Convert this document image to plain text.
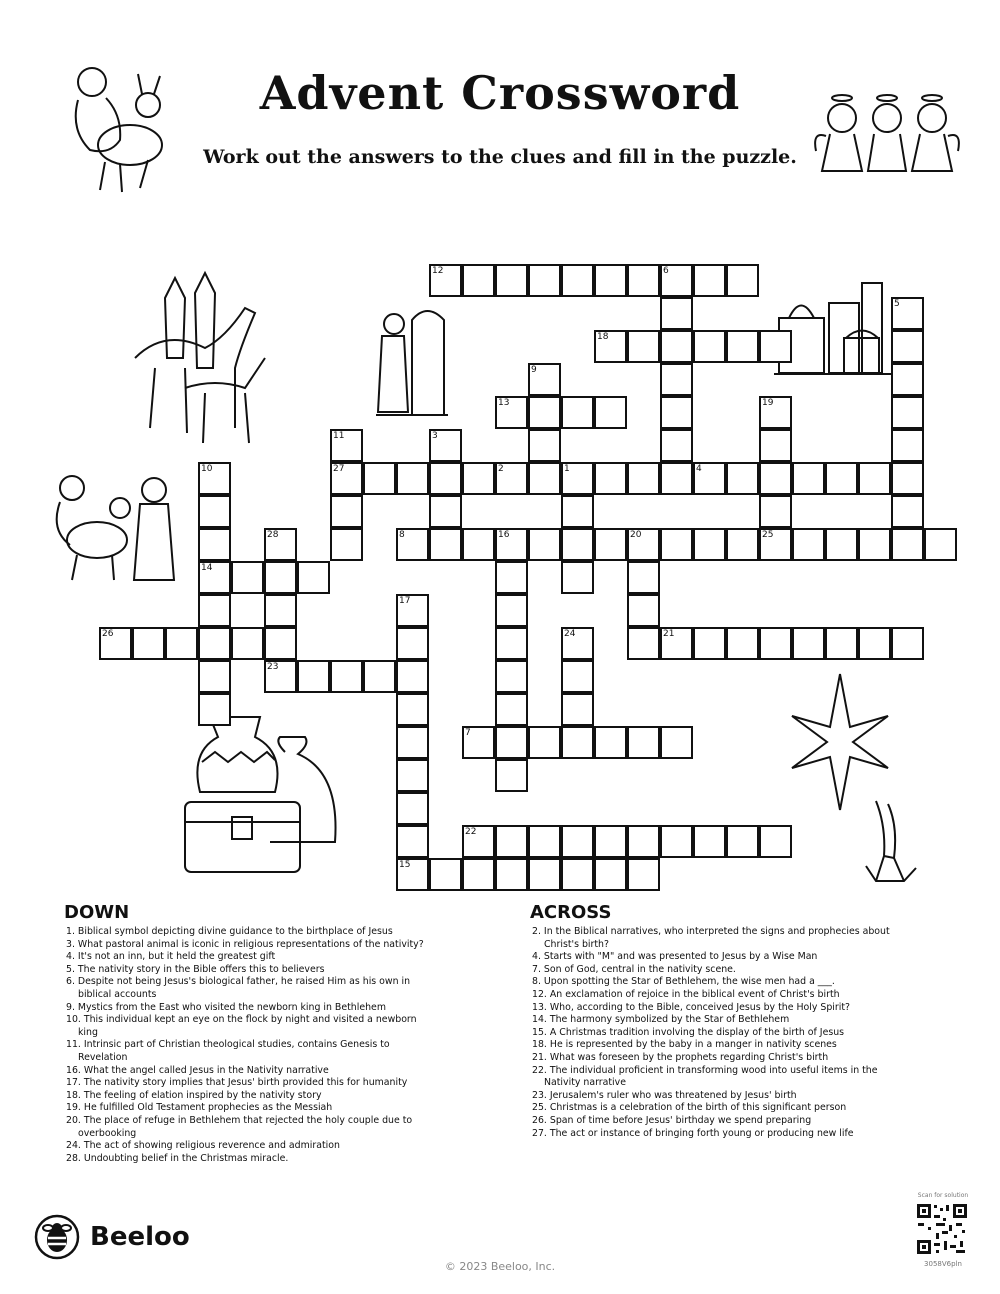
Advent Crossword
Work out the answers to the clues and fill in the puzzle.
12
18
13
27	2	4
8	25
14
26	21
23
7
22
15
6
5
9
19
11	3
10	1
28	16	20
17
24
DOWN	ACROSS
1. Biblical symbol depicting divine guidance to the birthplace of Jesus
3. What pastoral animal is iconic in religious representations of the nativity?
4. It's not an inn, but it held the greatest gift
5. The nativity story in the Bible offers this to believers
6. Despite not being Jesus's biological father, he raised Him as his own in biblical accounts
9. Mystics from the East who visited the newborn king in Bethlehem
10. This individual kept an eye on the flock by night and visited a newborn king
11. Intrinsic part of Christian theological studies, contains Genesis to Revelation
16. What the angel called Jesus in the Nativity narrative
17. The nativity story implies that Jesus' birth provided this for humanity
18. The feeling of elation inspired by the nativity story
19. He fulfilled Old Testament prophecies as the Messiah
20. The place of refuge in Bethlehem that rejected the holy couple due to overbooking
24. The act of showing religious reverence and admiration
28. Undoubting belief in the Christmas miracle.
2. In the Biblical narratives, who interpreted the signs and prophecies about Christ's birth?
4. Starts with "M" and was presented to Jesus by a Wise Man
7. Son of God, central in the nativity scene.
8. Upon spotting the Star of Bethlehem, the wise men had a ___.
12. An exclamation of rejoice in the biblical event of Christ's birth
13. Who, according to the Bible, conceived Jesus by the Holy Spirit?
14. The harmony symbolized by the Star of Bethlehem
15. A Christmas tradition involving the display of the birth of Jesus
18. He is represented by the baby in a manger in nativity scenes
21. What was foreseen by the prophets regarding Christ's birth
22. The individual proficient in transforming wood into useful items in the Nativity narrative
23. Jerusalem's ruler who was threatened by Jesus' birth
25. Christmas is a celebration of the birth of this significant person
26. Span of time before Jesus' birthday we spend preparing
27. The act or instance of bringing forth young or producing new life
Beeloo
© 2023 Beeloo, Inc.
Scan for solution
3058V6pln
